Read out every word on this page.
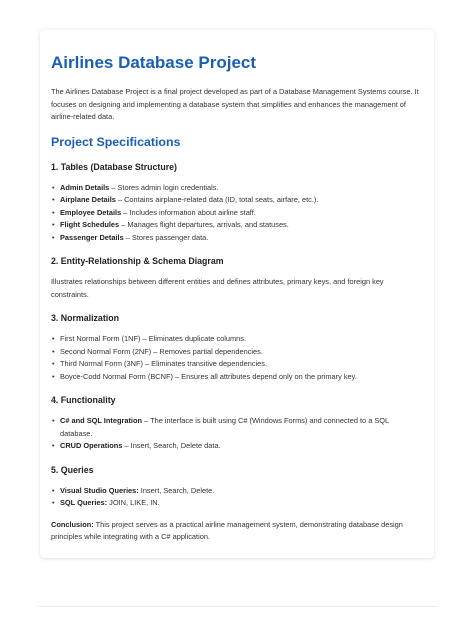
Airlines Database Project

The Airlines Database Project is a final project developed as part of a Database Management Systems course. It focuses on designing and implementing a database system that simplifies and enhances the management of airline-related data.

Project Specifications
1. Tables (Database Structure)
• Admin Details – Stores admin login credentials.
• Airplane Details – Contains airplane-related data (ID, total seats, airfare, etc.).
• Employee Details – Includes information about airline staff.
• Flight Schedules – Manages flight departures, arrivals, and statuses.
• Passenger Details – Stores passenger data.
2. Entity-Relationship & Schema Diagram

Illustrates relationships between different entities and defines attributes, primary keys, and foreign key constraints.

3. Normalization
• First Normal Form (1NF) – Eliminates duplicate columns.
• Second Normal Form (2NF) – Removes partial dependencies.
• Third Normal Form (3NF) – Eliminates transitive dependencies.
• Boyce-Codd Normal Form (BCNF) – Ensures all attributes depend only on the primary key.
4. Functionality
• C# and SQL Integration – The interface is built using C# (Windows Forms) and connected to a SQL database.
• CRUD Operations – Insert, Search, Delete data.
5. Queries
• Visual Studio Queries: Insert, Search, Delete.
• SQL Queries: JOIN, LIKE, IN.

Conclusion: This project serves as a practical airline management system, demonstrating database design principles while integrating with a C# application.
